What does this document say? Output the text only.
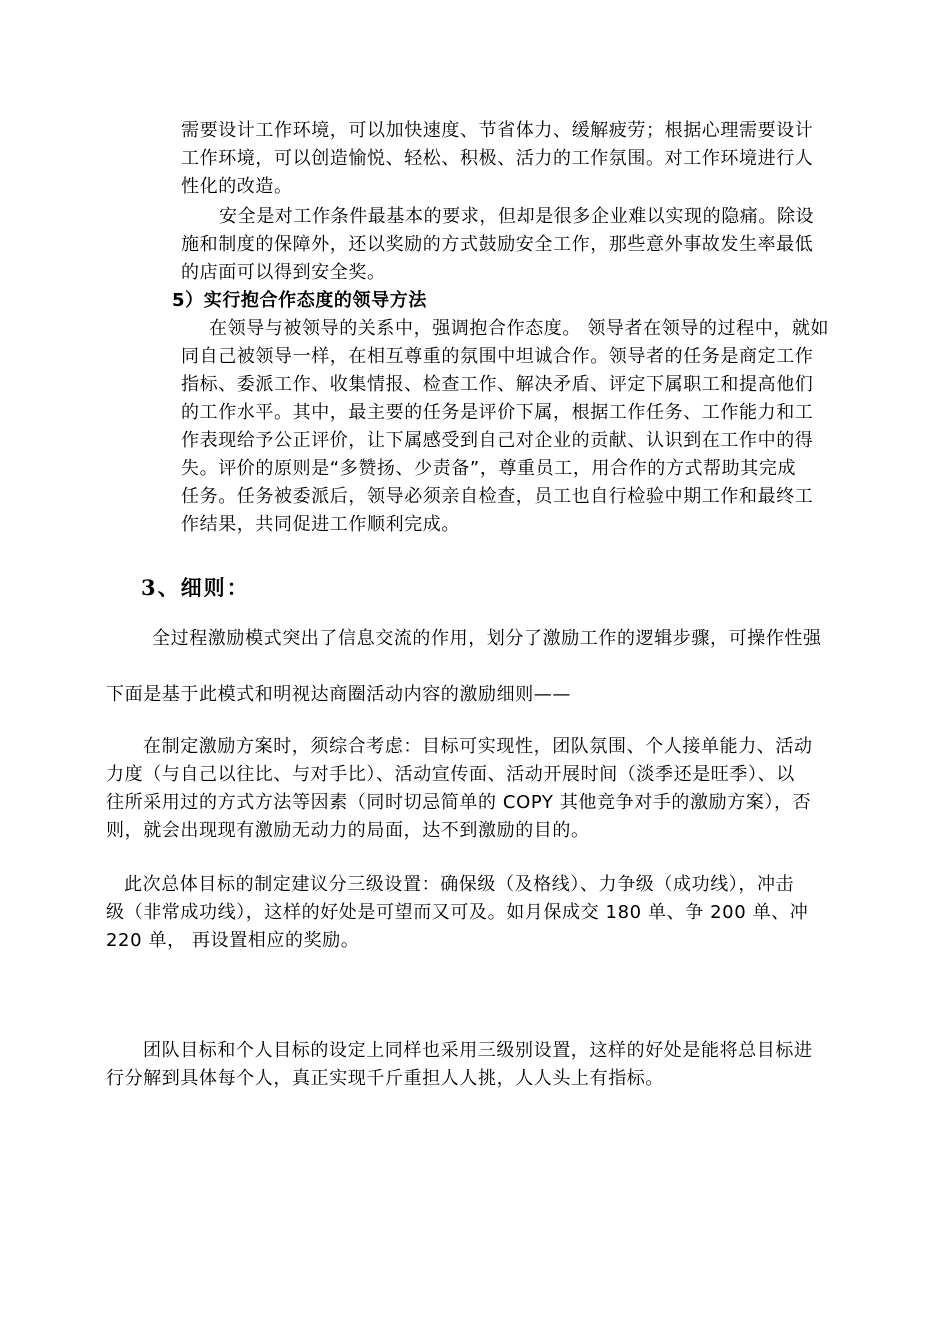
需要设计工作环境，可以加快速度、节省体力、缓解疲劳；根据心理需要设计
工作环境，可以创造愉悦、轻松、积极、活力的工作氛围。对工作环境进行人
性化的改造。
安全是对工作条件最基本的要求，但却是很多企业难以实现的隐痛。除设
施和制度的保障外，还以奖励的方式鼓励安全工作，那些意外事故发生率最低
的店面可以得到安全奖。
5）实行抱合作态度的领导方法
在领导与被领导的关系中，强调抱合作态度。 领导者在领导的过程中，就如
同自己被领导一样，在相互尊重的氛围中坦诚合作。领导者的任务是商定工作
指标、委派工作、收集情报、检查工作、解决矛盾、评定下属职工和提高他们
的工作水平。其中，最主要的任务是评价下属，根据工作任务、工作能力和工
作表现给予公正评价，让下属感受到自己对企业的贡献、认识到在工作中的得
失。评价的原则是“多赞扬、少责备”，尊重员工，用合作的方式帮助其完成
任务。任务被委派后，领导必须亲自检查，员工也自行检验中期工作和最终工
作结果，共同促进工作顺利完成。
3、细则：
全过程激励模式突出了信息交流的作用，划分了激励工作的逻辑步骤，可操作性强
下面是基于此模式和明视达商圈活动内容的激励细则——
在制定激励方案时，须综合考虑：目标可实现性，团队氛围、个人接单能力、活动
力度（与自己以往比、与对手比）、活动宣传面、活动开展时间（淡季还是旺季）、以
往所采用过的方式方法等因素（同时切忌简单的 COPY 其他竞争对手的激励方案），否
则，就会出现现有激励无动力的局面，达不到激励的目的。
此次总体目标的制定建议分三级设置：确保级（及格线）、力争级（成功线），冲击
级（非常成功线），这样的好处是可望而又可及。如月保成交 180 单、争 200 单、冲
220 单， 再设置相应的奖励。
团队目标和个人目标的设定上同样也采用三级别设置，这样的好处是能将总目标进
行分解到具体每个人，真正实现千斤重担人人挑，人人头上有指标。
